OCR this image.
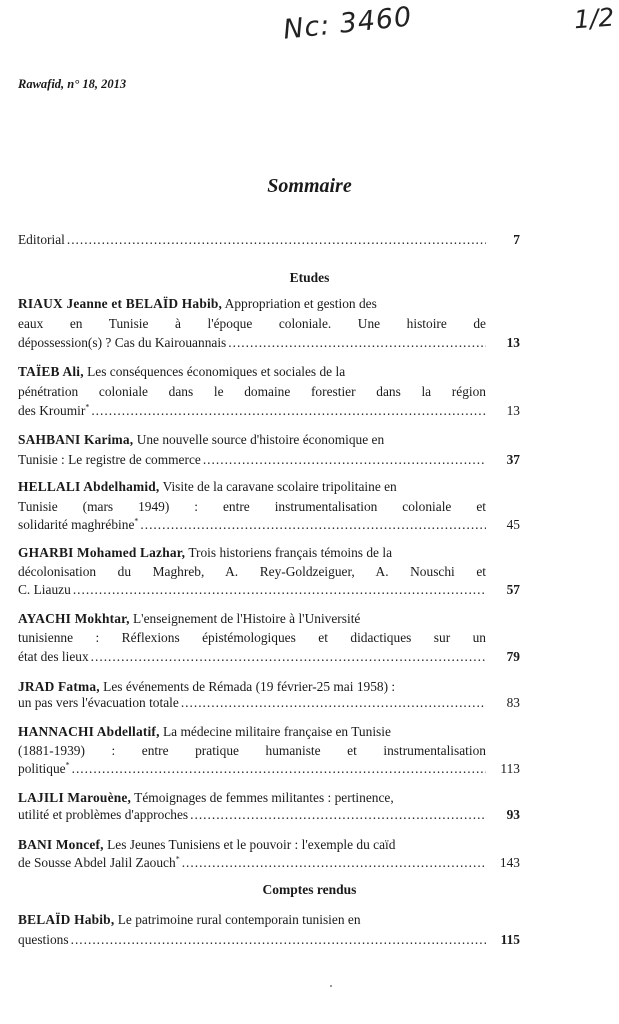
Nc: 3460	1/2
Rawafid, n° 18, 2013
Sommaire
Editorial .....	7
Etudes
RIAUX Jeanne et BELAÏD Habib, Appropriation et gestion des
eaux en Tunisie à l'époque coloniale. Une histoire de
dépossession(s) ? Cas du Kairouannais .....	13
TAÏEB Ali, Les conséquences économiques et sociales de la
pénétration coloniale dans le domaine forestier dans la région
des Kroumir* .....	13
SAHBANI Karima, Une nouvelle source d'histoire économique en
Tunisie : Le registre de commerce .....	37
HELLALI Abdelhamid, Visite de la caravane scolaire tripolitaine en
Tunisie (mars 1949) : entre instrumentalisation coloniale et
solidarité maghrébine* .....	45
GHARBI Mohamed Lazhar, Trois historiens français témoins de la
décolonisation du Maghreb, A. Rey-Goldzeiguer, A. Nouschi et
C. Liauzu .....	57
AYACHI Mokhtar, L'enseignement de l'Histoire à l'Université
tunisienne : Réflexions épistémologiques et didactiques sur un
état des lieux .....	79
JRAD Fatma, Les événements de Rémada (19 février-25 mai 1958) :
un pas vers l'évacuation totale .....	83
HANNACHI Abdellatif, La médecine militaire française en Tunisie
(1881-1939) : entre pratique humaniste et instrumentalisation
politique* .....	113
LAJILI Marouène, Témoignages de femmes militantes : pertinence,
utilité et problèmes d'approches .....	93
BANI Moncef, Les Jeunes Tunisiens et le pouvoir : l'exemple du caïd
de Sousse Abdel Jalil Zaouch* .....	143
Comptes rendus
BELAÏD Habib, Le patrimoine rural contemporain tunisien en
questions .....	115
